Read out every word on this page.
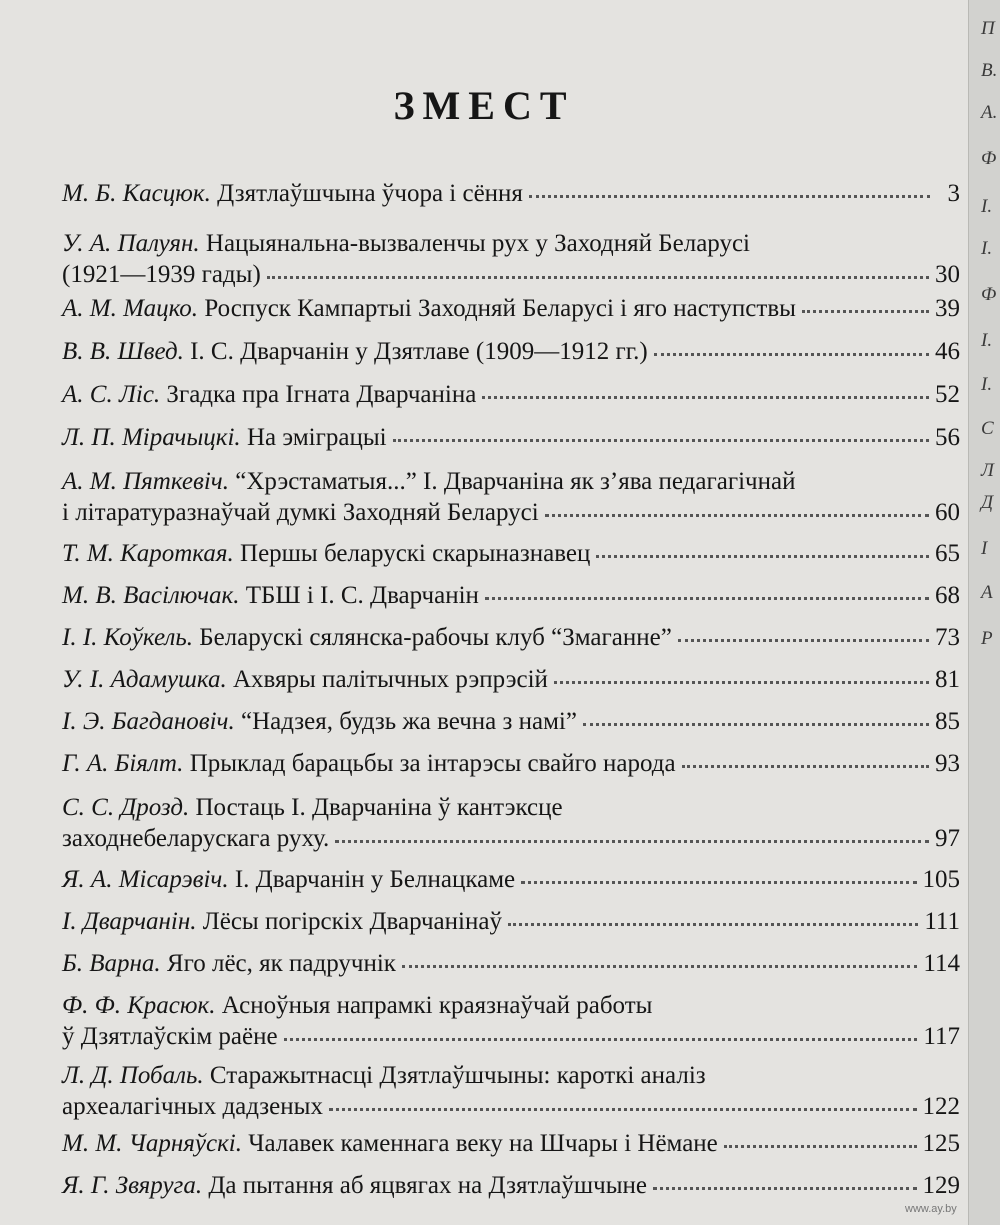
ЗМЕСТ
М. Б. Касцюк. Дзятлаўшчына ўчора і сёння	3
У. А. Палуян. Нацыянальна-вызваленчы рух у Заходняй Беларусі
(1921—1939 гады)	30
А. М. Мацко. Роспуск Кампартыі Заходняй Беларусі і яго наступствы	39
В. В. Швед. І. С. Дварчанін у Дзятлаве (1909—1912 гг.)	46
А. С. Ліс. Згадка пра Ігната Дварчаніна	52
Л. П. Мірачыцкі. На эміграцыі	56
А. М. Пяткевіч. “Хрэстаматыя...” І. Дварчаніна як з’ява педагагічнай
і літаратуразнаўчай думкі Заходняй Беларусі	60
Т. М. Кароткая. Першы беларускі скарыназнавец	65
М. В. Васілючак. ТБШ і І. С. Дварчанін	68
І. І. Коўкель. Беларускі сялянска-рабочы клуб “Змаганне”	73
У. І. Адамушка. Ахвяры палітычных рэпрэсій	81
І. Э. Багдановіч. “Надзея, будзь жа вечна з намі”	85
Г. А. Біялт. Прыклад барацьбы за інтарэсы свайго народа	93
С. С. Дрозд. Постаць І. Дварчаніна ў кантэксце
заходнебеларускага руху.	97
Я. А. Місарэвіч. І. Дварчанін у Белнацкаме	105
І. Дварчанін. Лёсы погірскіх Дварчанінаў	111
Б. Варна. Яго лёс, як падручнік	114
Ф. Ф. Красюк. Асноўныя напрамкі краязнаўчай работы
ў Дзятлаўскім раёне	117
Л. Д. Побаль. Старажытнасці Дзятлаўшчыны: кароткі аналіз
археалагічных дадзеных	122
М. М. Чарняўскі. Чалавек каменнага веку на Шчары і Нёмане	125
Я. Г. Звяруга. Да пытання аб яцвягах на Дзятлаўшчыне	129
П
В.
А.
Ф
І.
І.
Ф
І.
І.
С
Л
Д
І
А
Р
www.ay.by
